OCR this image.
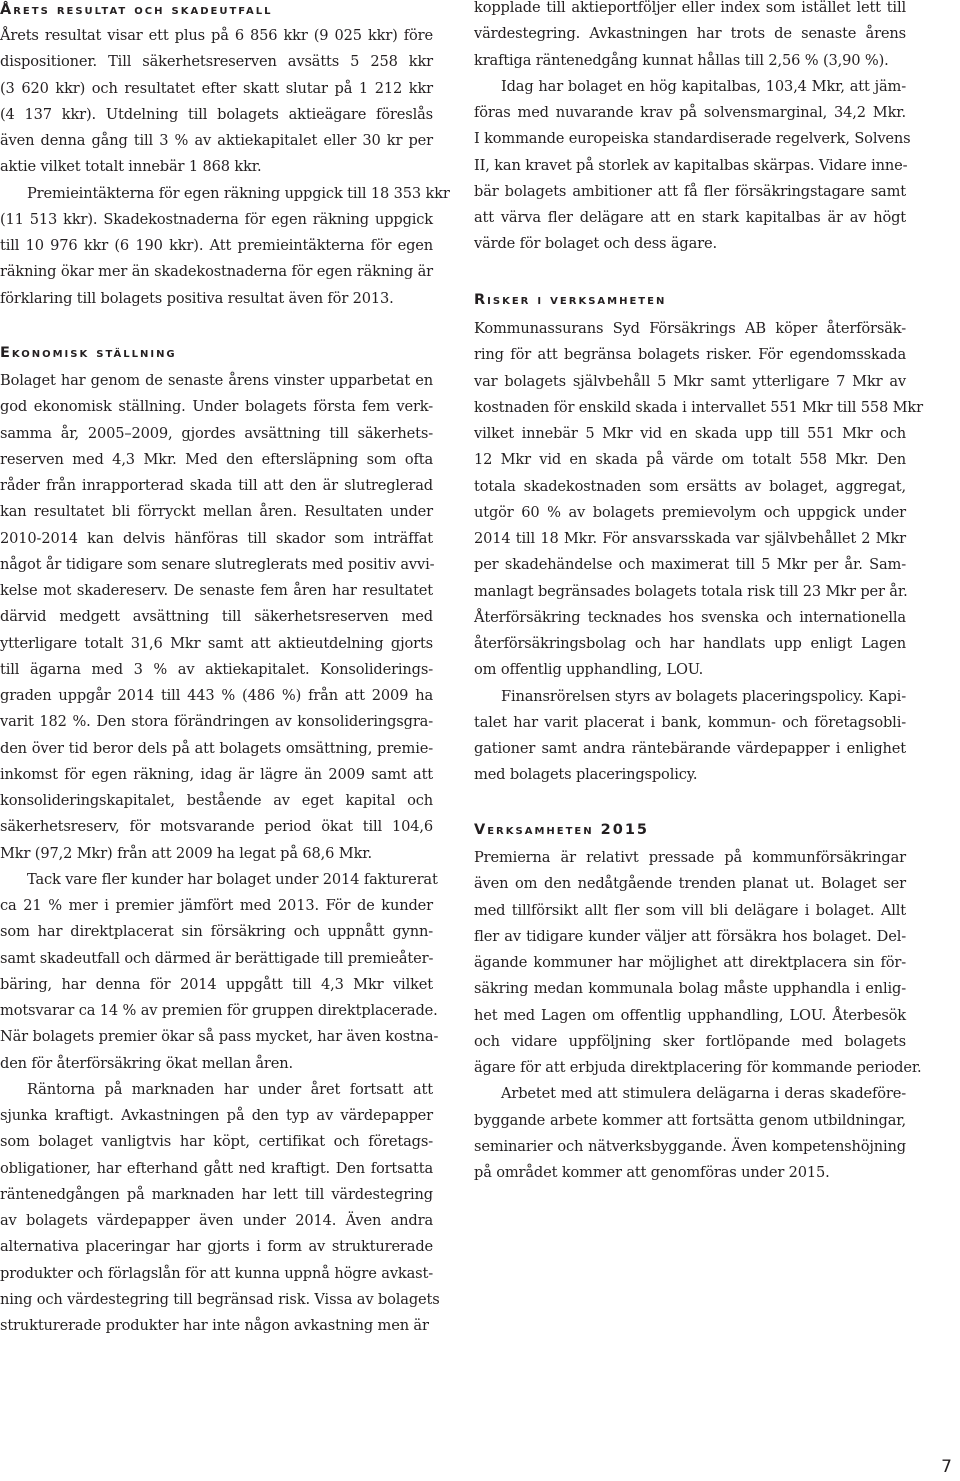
Årets resultat och skadeutfall
Årets resultat visar ett plus på 6 856 kkr (9 025 kkr) före
dispositioner. Till säkerhetsreserven avsätts 5 258 kkr
(3 620 kkr) och resultatet efter skatt slutar på 1 212 kkr
(4 137 kkr). Utdelning till bolagets aktieägare föreslås
även denna gång till 3 % av aktiekapitalet eller 30 kr per
aktie vilket totalt innebär 1 868 kkr.
Premieintäkterna för egen räkning uppgick till 18 353 kkr
(11 513 kkr). Skadekostnaderna för egen räkning uppgick
till 10 976 kkr (6 190 kkr). Att premieintäkterna för egen
räkning ökar mer än skadekostnaderna för egen räkning är
förklaring till bolagets positiva resultat även för 2013.
Ekonomisk ställning
Bolaget har genom de senaste årens vinster upparbetat en
god ekonomisk ställning. Under bolagets första fem verk-
samma år, 2005–2009, gjordes avsättning till säkerhets-
reserven med 4,3 Mkr. Med den eftersläpning som ofta
råder från inrapporterad skada till att den är slutreglerad
kan resultatet bli förryckt mellan åren. Resultaten under
2010-2014 kan delvis hänföras till skador som inträffat
något år tidigare som senare slutreglerats med positiv avvi-
kelse mot skadereserv. De senaste fem åren har resultatet
därvid medgett avsättning till säkerhetsreserven med
ytterligare totalt 31,6 Mkr samt att aktieutdelning gjorts
till ägarna med 3 % av aktiekapitalet. Konsoliderings-
graden uppgår 2014 till 443 % (486 %) från att 2009 ha
varit 182 %. Den stora förändringen av konsolideringsgra-
den över tid beror dels på att bolagets omsättning, premie-
inkomst för egen räkning, idag är lägre än 2009 samt att
konsolideringskapitalet, bestående av eget kapital och
säkerhetsreserv, för motsvarande period ökat till 104,6
Mkr (97,2 Mkr) från att 2009 ha legat på 68,6 Mkr.
Tack vare fler kunder har bolaget under 2014 fakturerat
ca 21 % mer i premier jämfört med 2013. För de kunder
som har direktplacerat sin försäkring och uppnått gynn-
samt skadeutfall och därmed är berättigade till premieåter-
bäring, har denna för 2014 uppgått till 4,3 Mkr vilket
motsvarar ca 14 % av premien för gruppen direktplacerade.
När bolagets premier ökar så pass mycket, har även kostna-
den för återförsäkring ökat mellan åren.
Räntorna på marknaden har under året fortsatt att
sjunka kraftigt. Avkastningen på den typ av värdepapper
som bolaget vanligtvis har köpt, certifikat och företags-
obligationer, har efterhand gått ned kraftigt. Den fortsatta
räntenedgången på marknaden har lett till värdestegring
av bolagets värdepapper även under 2014. Även andra
alternativa placeringar har gjorts i form av strukturerade
produkter och förlagslån för att kunna uppnå högre avkast-
ning och värdestegring till begränsad risk. Vissa av bolagets
strukturerade produkter har inte någon avkastning men är
kopplade till aktieportföljer eller index som istället lett till
värdestegring. Avkastningen har trots de senaste årens
kraftiga räntenedgång kunnat hållas till 2,56 % (3,90 %).
Idag har bolaget en hög kapitalbas, 103,4 Mkr, att jäm-
föras med nuvarande krav på solvensmarginal, 34,2 Mkr.
I kommande europeiska standardiserade regelverk, Solvens
II, kan kravet på storlek av kapitalbas skärpas. Vidare inne-
bär bolagets ambitioner att få fler försäkringstagare samt
att värva fler delägare att en stark kapitalbas är av högt
värde för bolaget och dess ägare.
Risker i verksamheten
Kommunassurans Syd Försäkrings AB köper återförsäk-
ring för att begränsa bolagets risker. För egendomsskada
var bolagets självbehåll 5 Mkr samt ytterligare 7 Mkr av
kostnaden för enskild skada i intervallet 551 Mkr till 558 Mkr
vilket innebär 5 Mkr vid en skada upp till 551 Mkr och
12 Mkr vid en skada på värde om totalt 558 Mkr. Den
totala skadekostnaden som ersätts av bolaget, aggregat,
utgör 60 % av bolagets premievolym och uppgick under
2014 till 18 Mkr. För ansvarsskada var självbehållet 2 Mkr
per skadehändelse och maximerat till 5 Mkr per år. Sam-
manlagt begränsades bolagets totala risk till 23 Mkr per år.
Återförsäkring tecknades hos svenska och internationella
återförsäkringsbolag och har handlats upp enligt Lagen
om offentlig upphandling, LOU.
Finansrörelsen styrs av bolagets placeringspolicy. Kapi-
talet har varit placerat i bank, kommun- och företagsobli-
gationer samt andra räntebärande värdepapper i enlighet
med bolagets placeringspolicy.
Verksamheten 2015
Premierna är relativt pressade på kommunförsäkringar
även om den nedåtgående trenden planat ut. Bolaget ser
med tillförsikt allt fler som vill bli delägare i bolaget. Allt
fler av tidigare kunder väljer att försäkra hos bolaget. Del-
ägande kommuner har möjlighet att direktplacera sin för-
säkring medan kommunala bolag måste upphandla i enlig-
het med Lagen om offentlig upphandling, LOU. Återbesök
och vidare uppföljning sker fortlöpande med bolagets
ägare för att erbjuda direktplacering för kommande perioder.
Arbetet med att stimulera delägarna i deras skadeföre-
byggande arbete kommer att fortsätta genom utbildningar,
seminarier och nätverksbyggande. Även kompetenshöjning
på området kommer att genomföras under 2015.
7
